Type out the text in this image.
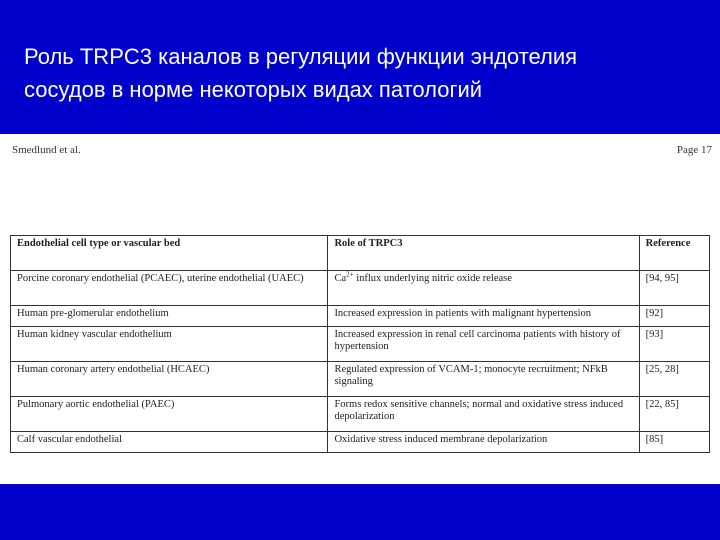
Роль TRPC3 каналов в регуляции функции эндотелия
сосудов в норме некоторых видах патологий
Smedlund et al.	Page 17
Endothelial cell type or vascular bed	Role of TRPC3	Reference
Porcine coronary endothelial (PCAEC), uterine endothelial (UAEC)	$Ca^{2+}$ influx underlying nitric oxide release	[94, 95]
Human pre-glomerular endothelium	Increased expression in patients with malignant hypertension	[92]
Human kidney vascular endothelium	Increased expression in renal cell carcinoma patients with history of hypertension	[93]
Human coronary artery endothelial (HCAEC)	Regulated expression of VCAM-1; monocyte recruitment; NFkB signaling	[25, 28]
Pulmonary aortic endothelial (PAEC)	Forms redox sensitive channels; normal and oxidative stress induced depolarization	[22, 85]
Calf vascular endothelial	Oxidative stress induced membrane depolarization	[85]
